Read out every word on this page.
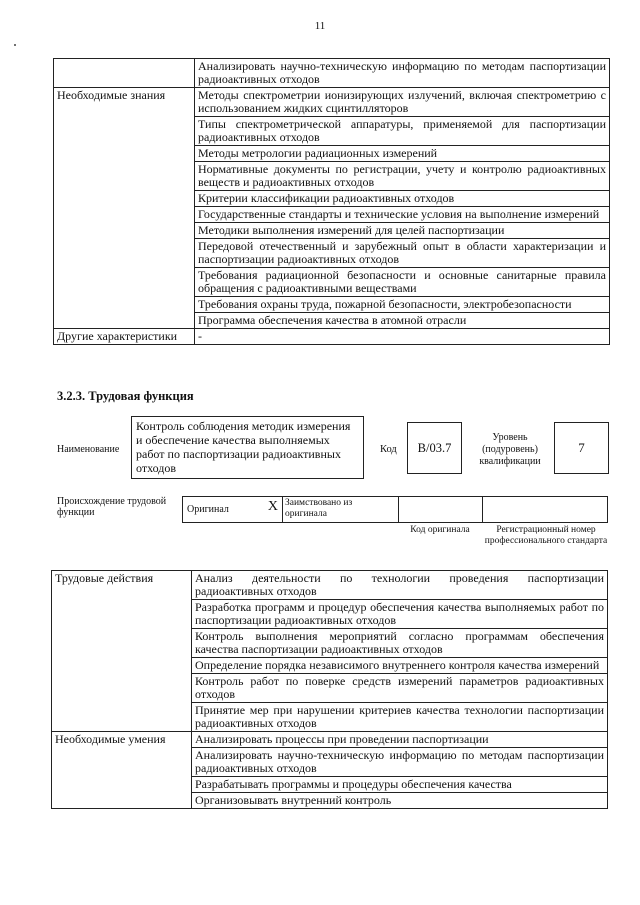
11
	Анализировать научно-техническую информацию по методам паспортизации радиоактивных отходов
Необходимые знания	Методы спектрометрии ионизирующих излучений, включая спектрометрию с использованием жидких сцинтилляторов
	Типы спектрометрической аппаратуры, применяемой для паспортизации радиоактивных отходов
	Методы метрологии радиационных измерений
	Нормативные документы по регистрации, учету и контролю радиоактивных веществ и радиоактивных отходов
	Критерии классификации радиоактивных отходов
	Государственные стандарты и технические условия на выполнение измерений
	Методики выполнения измерений для целей паспортизации
	Передовой отечественный и зарубежный опыт в области характеризации и паспортизации радиоактивных отходов
	Требования радиационной безопасности и основные санитарные правила обращения с радиоактивными веществами
	Требования охраны труда, пожарной безопасности, электробезопасности
	Программа обеспечения качества в атомной отрасли
Другие характеристики	-
3.2.3. Трудовая функция
Наименование
Контроль соблюдения методик измерения и обеспечение качества выполняемых работ по паспортизации радиоактивных отходов
Код	B/03.7
Уровень (подуровень) квалификации
7
Происхождение трудовой функции	Оригинал	X Заимствовано из оригинала
Код оригинала	Регистрационный номер профессионального стандарта
Трудовые действия	Анализ деятельности по технологии проведения паспортизации радиоактивных отходов
	Разработка программ и процедур обеспечения качества выполняемых работ по паспортизации радиоактивных отходов
	Контроль выполнения мероприятий согласно программам обеспечения качества паспортизации радиоактивных отходов
	Определение порядка независимого внутреннего контроля качества измерений
	Контроль работ по поверке средств измерений параметров радиоактивных отходов
	Принятие мер при нарушении критериев качества технологии паспортизации радиоактивных отходов
Необходимые умения	Анализировать процессы при проведении паспортизации
	Анализировать научно-техническую информацию по методам паспортизации радиоактивных отходов
	Разрабатывать программы и процедуры обеспечения качества
	Организовывать внутренний контроль
